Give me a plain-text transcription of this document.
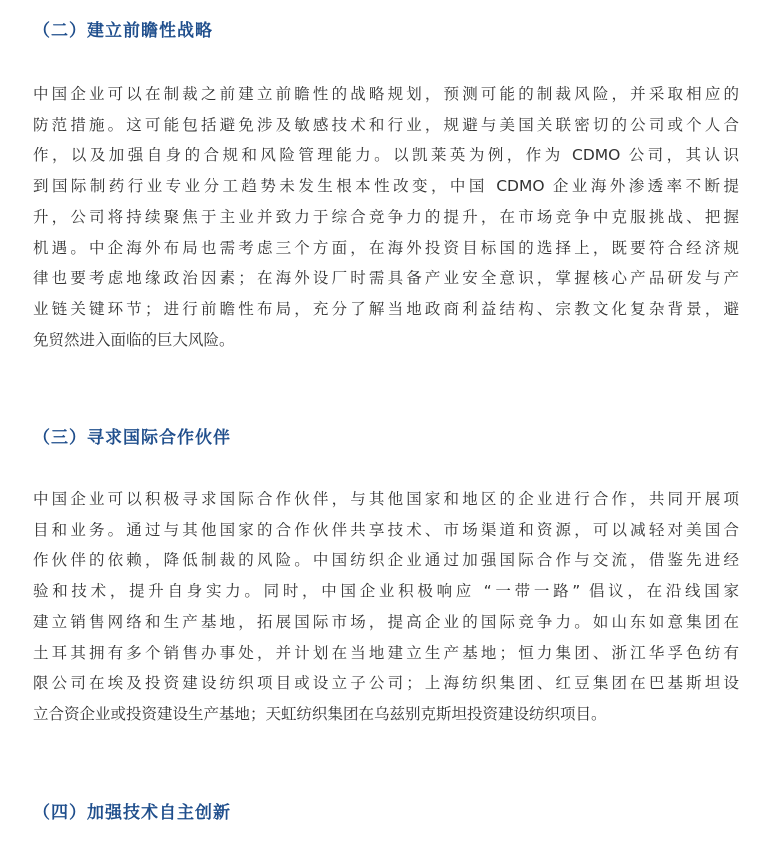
（二）建立前瞻性战略
中国企业可以在制裁之前建立前瞻性的战略规划，预测可能的制裁风险，并采取相应的
防范措施。这可能包括避免涉及敏感技术和行业，规避与美国关联密切的公司或个人合
作，以及加强自身的合规和风险管理能力。以凯莱英为例，作为 CDMO 公司，其认识
到国际制药行业专业分工趋势未发生根本性改变，中国 CDMO 企业海外渗透率不断提
升，公司将持续聚焦于主业并致力于综合竞争力的提升，在市场竞争中克服挑战、把握
机遇。中企海外布局也需考虑三个方面，在海外投资目标国的选择上，既要符合经济规
律也要考虑地缘政治因素；在海外设厂时需具备产业安全意识，掌握核心产品研发与产
业链关键环节；进行前瞻性布局，充分了解当地政商利益结构、宗教文化复杂背景，避
免贸然进入面临的巨大风险。
（三）寻求国际合作伙伴
中国企业可以积极寻求国际合作伙伴，与其他国家和地区的企业进行合作，共同开展项
目和业务。通过与其他国家的合作伙伴共享技术、市场渠道和资源，可以减轻对美国合
作伙伴的依赖，降低制裁的风险。中国纺织企业通过加强国际合作与交流，借鉴先进经
验和技术，提升自身实力。同时，中国企业积极响应 “一带一路” 倡议，在沿线国家
建立销售网络和生产基地，拓展国际市场，提高企业的国际竞争力。如山东如意集团在
土耳其拥有多个销售办事处，并计划在当地建立生产基地；恒力集团、浙江华孚色纺有
限公司在埃及投资建设纺织项目或设立子公司；上海纺织集团、红豆集团在巴基斯坦设
立合资企业或投资建设生产基地；天虹纺织集团在乌兹别克斯坦投资建设纺织项目。
（四）加强技术自主创新
